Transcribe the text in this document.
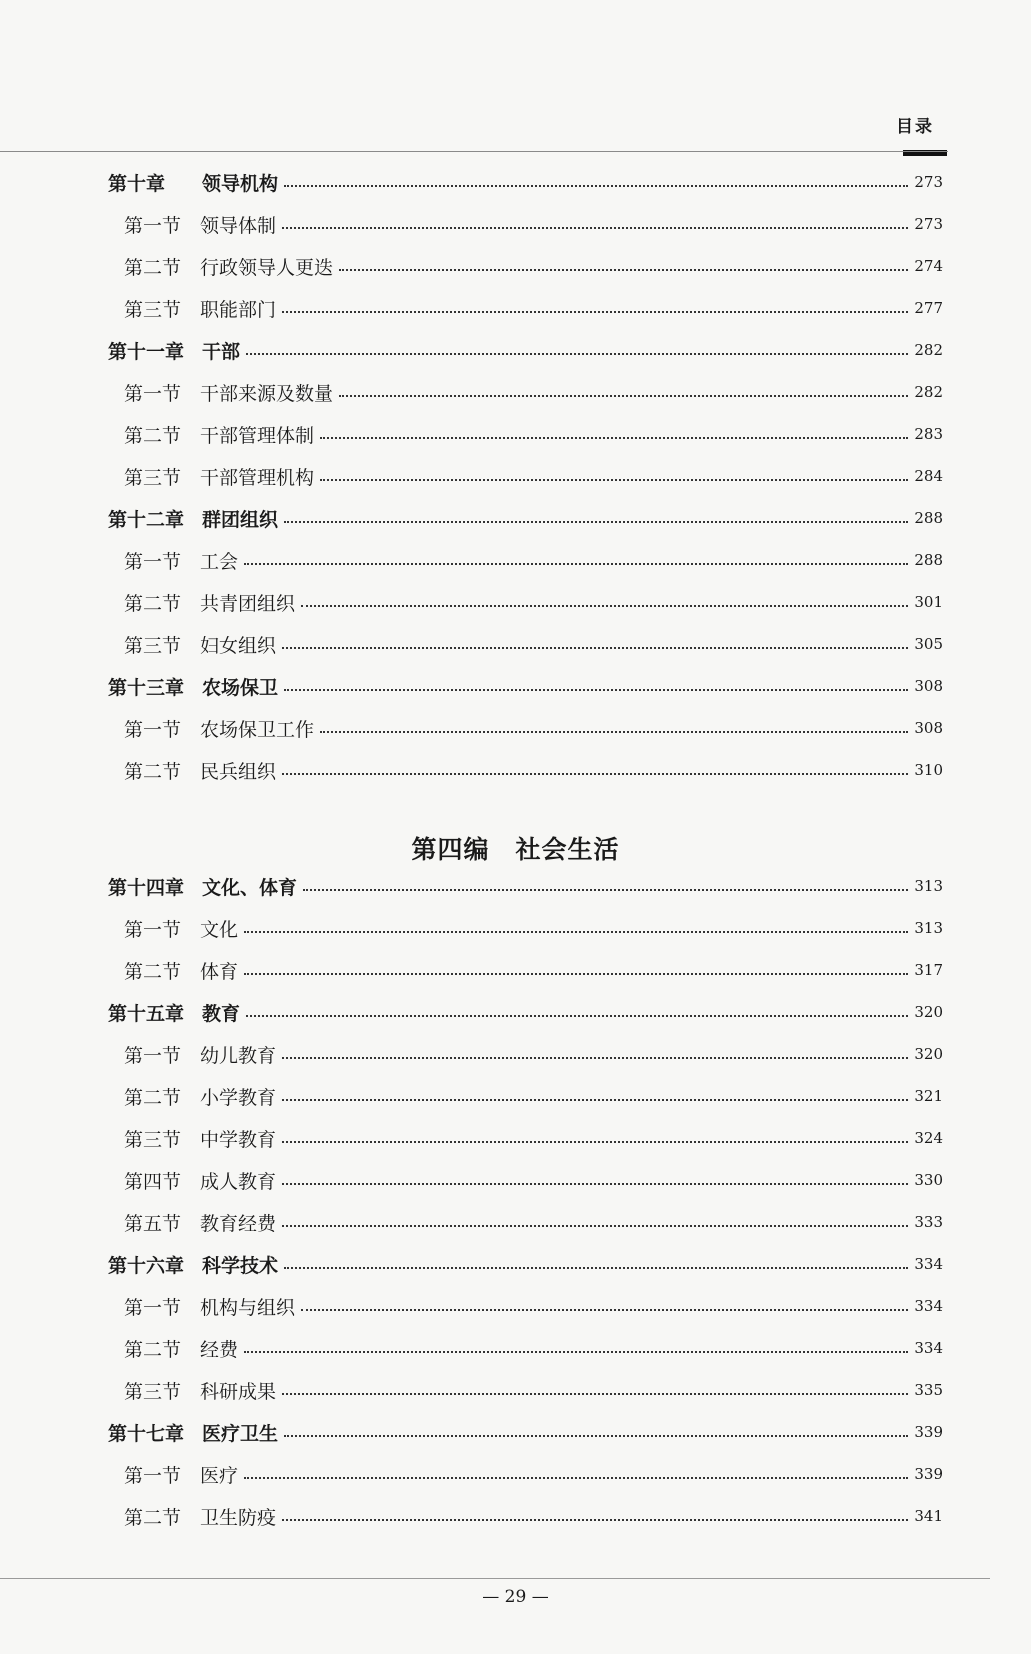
目录
第十章	领导机构	273
第一节 领导体制	273
第二节 行政领导人更迭	274
第三节 职能部门	277
第十一章 干部	282
第一节 干部来源及数量	282
第二节 干部管理体制	283
第三节 干部管理机构	284
第十二章 群团组织	288
第一节 工会	288
第二节 共青团组织	301
第三节 妇女组织	305
第十三章 农场保卫	308
第一节 农场保卫工作	308
第二节 民兵组织	310
第十四章 文化、体育	313
第一节 文化	313
第二节 体育	317
第十五章 教育	320
第一节 幼儿教育	320
第二节 小学教育	321
第三节 中学教育	324
第四节 成人教育	330
第五节 教育经费	333
第十六章 科学技术	334
第一节 机构与组织	334
第二节 经费	334
第三节 科研成果	335
第十七章 医疗卫生	339
第一节 医疗	339
第二节 卫生防疫	341
第四编　社会生活
— 29 —
